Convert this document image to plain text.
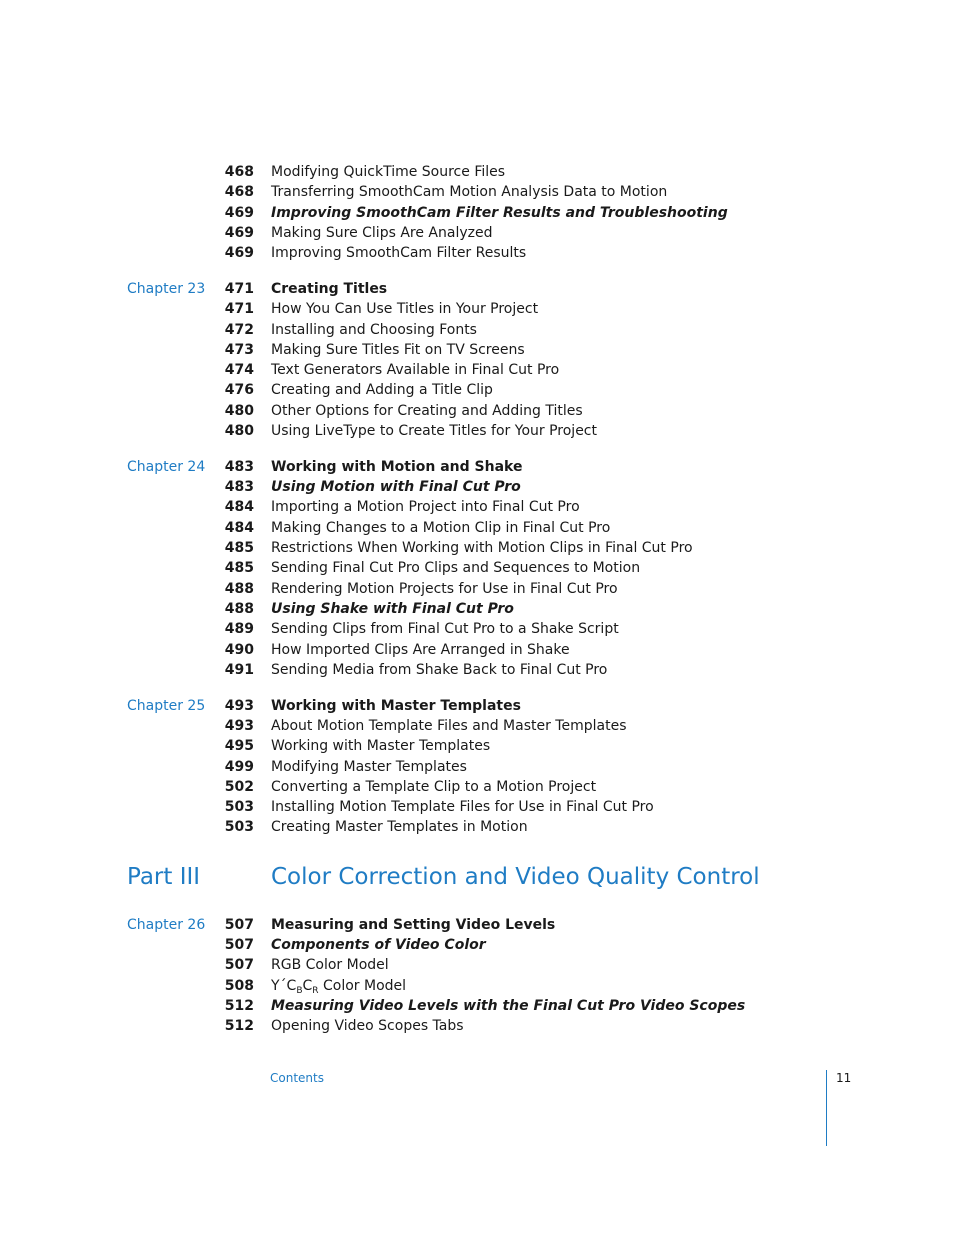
468 Modifying QuickTime Source Files
468 Transferring SmoothCam Motion Analysis Data to Motion
469 Improving SmoothCam Filter Results and Troubleshooting
469 Making Sure Clips Are Analyzed
469 Improving SmoothCam Filter Results
Chapter 23 471 Creating Titles
471 How You Can Use Titles in Your Project
472 Installing and Choosing Fonts
473 Making Sure Titles Fit on TV Screens
474 Text Generators Available in Final Cut Pro
476 Creating and Adding a Title Clip
480 Other Options for Creating and Adding Titles
480 Using LiveType to Create Titles for Your Project
Chapter 24 483 Working with Motion and Shake
483 Using Motion with Final Cut Pro
484 Importing a Motion Project into Final Cut Pro
484 Making Changes to a Motion Clip in Final Cut Pro
485 Restrictions When Working with Motion Clips in Final Cut Pro
485 Sending Final Cut Pro Clips and Sequences to Motion
488 Rendering Motion Projects for Use in Final Cut Pro
488 Using Shake with Final Cut Pro
489 Sending Clips from Final Cut Pro to a Shake Script
490 How Imported Clips Are Arranged in Shake
491 Sending Media from Shake Back to Final Cut Pro
Chapter 25 493 Working with Master Templates
493 About Motion Template Files and Master Templates
495 Working with Master Templates
499 Modifying Master Templates
502 Converting a Template Clip to a Motion Project
503 Installing Motion Template Files for Use in Final Cut Pro
503 Creating Master Templates in Motion
Part III	Color Correction and Video Quality Control
Chapter 26 507 Measuring and Setting Video Levels
507 Components of Video Color
507 RGB Color Model
508 $Y´C_BC_R$ Color Model
512 Measuring Video Levels with the Final Cut Pro Video Scopes
512 Opening Video Scopes Tabs
Contents	11
